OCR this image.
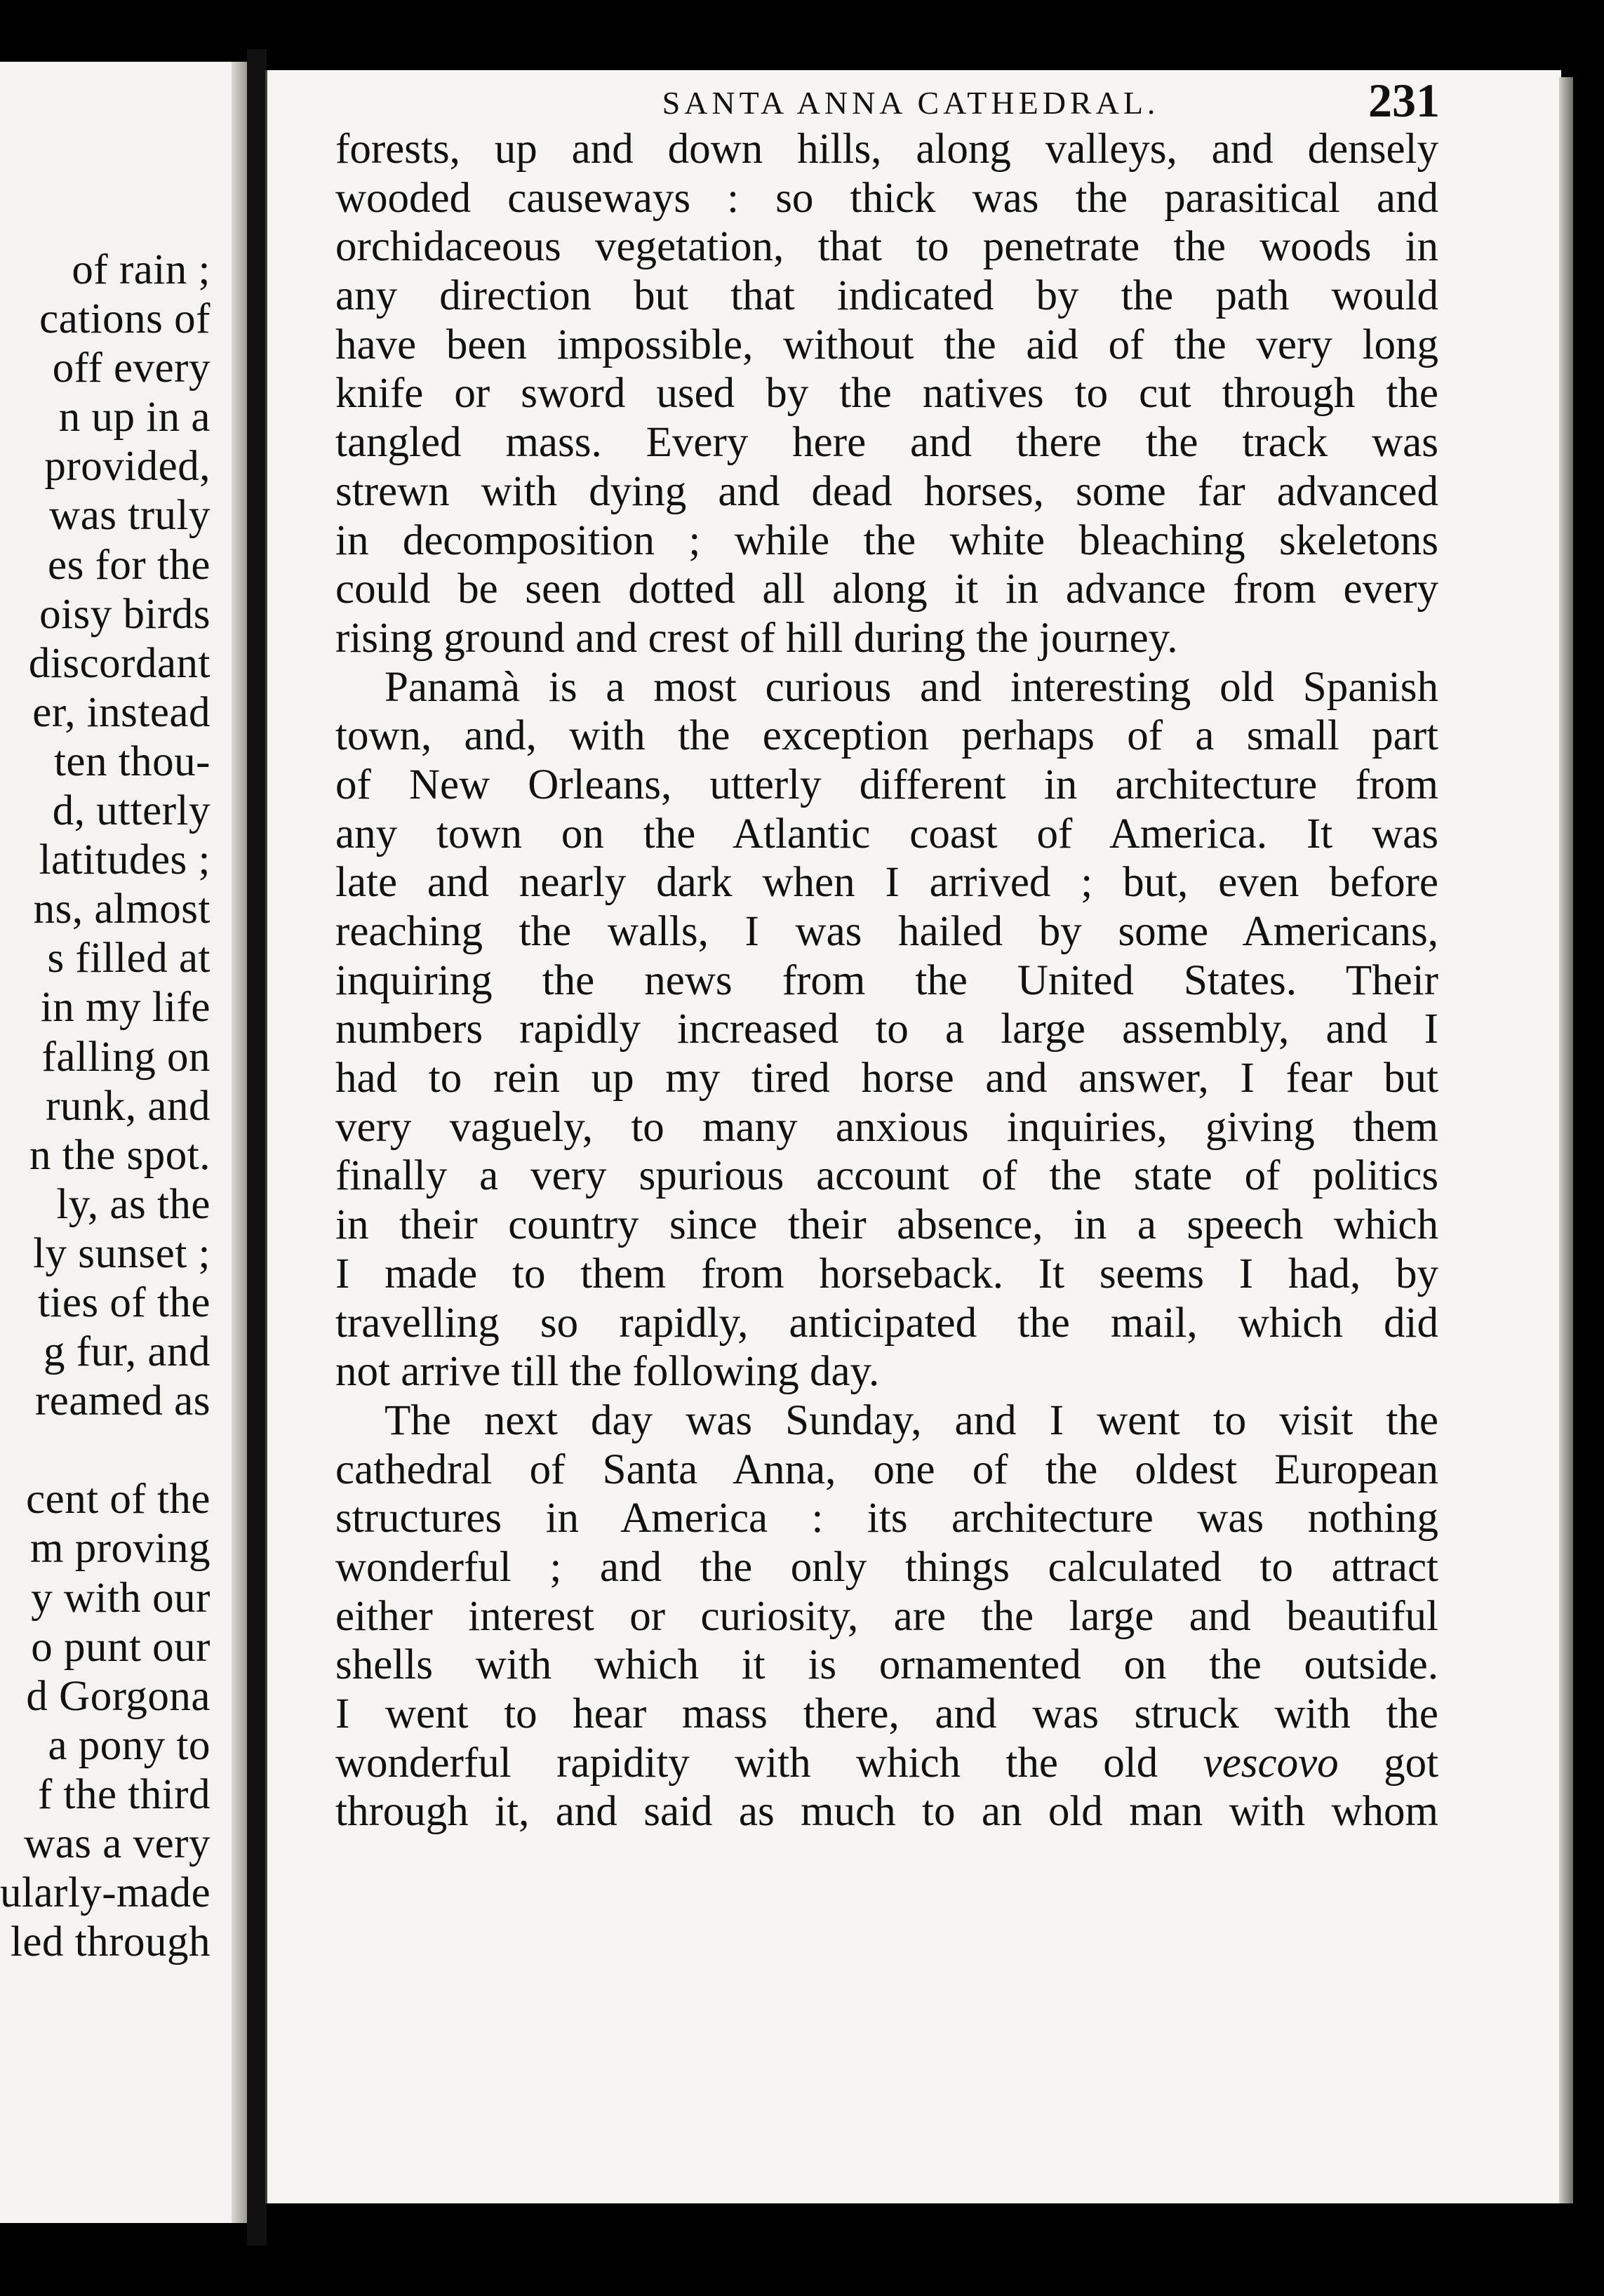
of rain ;
cations of
off every
n up in a
provided,
was truly
es for the
oisy birds
discordant
er, instead
ten thou-
d, utterly
latitudes ;
ns, almost
s filled at
in my life
falling on
runk, and
n the spot.
ly, as the
ly sunset ;
ties of the
g fur, and
reamed as
cent of the
m proving
y with our
o punt our
d Gorgona
a pony to
f the third
was a very
ularly-made
led through
SANTA ANNA CATHEDRAL.	231
forests, up and down hills, along valleys, and densely
wooded causeways : so thick was the parasitical and
orchidaceous vegetation, that to penetrate the woods in
any direction but that indicated by the path would
have been impossible, without the aid of the very long
knife or sword used by the natives to cut through the
tangled mass. Every here and there the track was
strewn with dying and dead horses, some far advanced
in decomposition ; while the white bleaching skeletons
could be seen dotted all along it in advance from every
rising ground and crest of hill during the journey.
Panamà is a most curious and interesting old Spanish
town, and, with the exception perhaps of a small part
of New Orleans, utterly different in architecture from
any town on the Atlantic coast of America. It was
late and nearly dark when I arrived ; but, even before
reaching the walls, I was hailed by some Americans,
inquiring the news from the United States. Their
numbers rapidly increased to a large assembly, and I
had to rein up my tired horse and answer, I fear but
very vaguely, to many anxious inquiries, giving them
finally a very spurious account of the state of politics
in their country since their absence, in a speech which
I made to them from horseback. It seems I had, by
travelling so rapidly, anticipated the mail, which did
not arrive till the following day.
The next day was Sunday, and I went to visit the
cathedral of Santa Anna, one of the oldest European
structures in America : its architecture was nothing
wonderful ; and the only things calculated to attract
either interest or curiosity, are the large and beautiful
shells with which it is ornamented on the outside.
I went to hear mass there, and was struck with the
wonderful rapidity with which the old vescovo got
through it, and said as much to an old man with whom
